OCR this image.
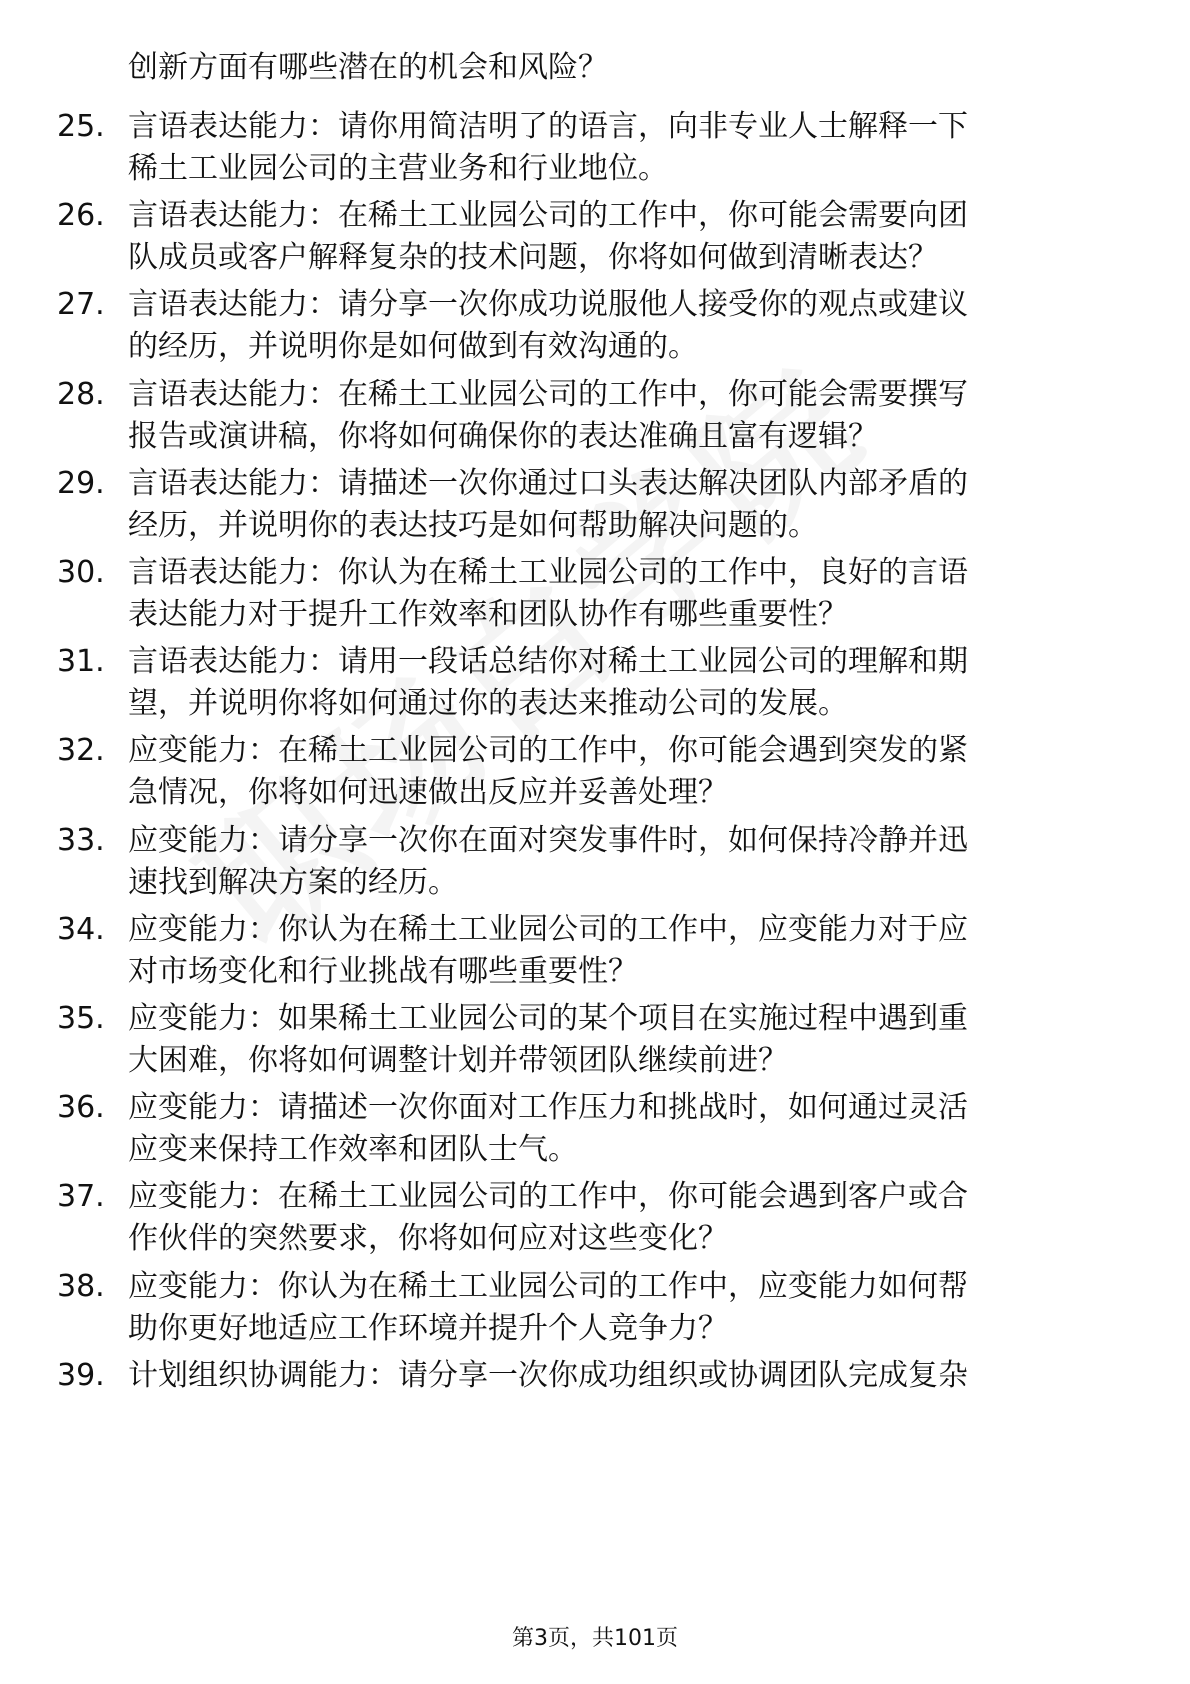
创新方面有哪些潜在的机会和风险？
25. 言语表达能力：请你用简洁明了的语言，向非专业人士解释一下
稀土工业园公司的主营业务和行业地位。
26. 言语表达能力：在稀土工业园公司的工作中，你可能会需要向团
队成员或客户解释复杂的技术问题，你将如何做到清晰表达？
27. 言语表达能力：请分享一次你成功说服他人接受你的观点或建议
的经历，并说明你是如何做到有效沟通的。
28. 言语表达能力：在稀土工业园公司的工作中，你可能会需要撰写
报告或演讲稿，你将如何确保你的表达准确且富有逻辑？
29. 言语表达能力：请描述一次你通过口头表达解决团队内部矛盾的
经历，并说明你的表达技巧是如何帮助解决问题的。
30. 言语表达能力：你认为在稀土工业园公司的工作中，良好的言语
表达能力对于提升工作效率和团队协作有哪些重要性？
31. 言语表达能力：请用一段话总结你对稀土工业园公司的理解和期
望，并说明你将如何通过你的表达来推动公司的发展。
32. 应变能力：在稀土工业园公司的工作中，你可能会遇到突发的紧
急情况，你将如何迅速做出反应并妥善处理？
33. 应变能力：请分享一次你在面对突发事件时，如何保持冷静并迅
速找到解决方案的经历。
34. 应变能力：你认为在稀土工业园公司的工作中，应变能力对于应
对市场变化和行业挑战有哪些重要性？
35. 应变能力：如果稀土工业园公司的某个项目在实施过程中遇到重
大困难，你将如何调整计划并带领团队继续前进？
36. 应变能力：请描述一次你面对工作压力和挑战时，如何通过灵活
应变来保持工作效率和团队士气。
37. 应变能力：在稀土工业园公司的工作中，你可能会遇到客户或合
作伙伴的突然要求，你将如何应对这些变化？
38. 应变能力：你认为在稀土工业园公司的工作中，应变能力如何帮
助你更好地适应工作环境并提升个人竞争力？
39. 计划组织协调能力：请分享一次你成功组织或协调团队完成复杂
第3页，共101页
